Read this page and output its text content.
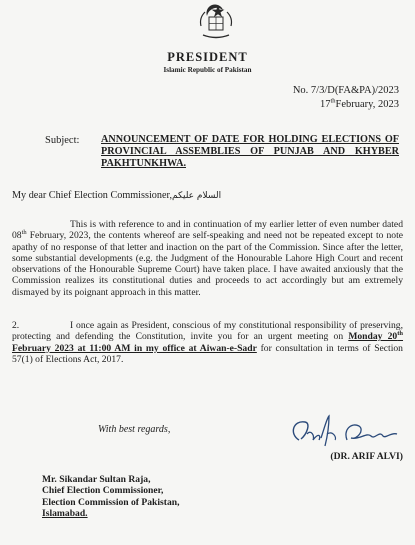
PRESIDENT
Islamic Republic of Pakistan
No. 7/3/D(FA&PA)/2023
17thFebruary, 2023
Subject: ANNOUNCEMENT OF DATE FOR HOLDING ELECTIONS OF PROVINCIAL ASSEMBLIES OF PUNJAB AND KHYBER PAKHTUNKHWA.
My dear Chief Election Commissioner,السلام علیکم
This is with reference to and in continuation of my earlier letter of even number dated 08th February, 2023, the contents whereof are self-speaking and need not be repeated except to note apathy of no response of that letter and inaction on the part of the Commission. Since after the letter, some substantial developments (e.g. the Judgment of the Honourable Lahore High Court and recent observations of the Honourable Supreme Court) have taken place. I have awaited anxiously that the Commission realizes its constitutional duties and proceeds to act accordingly but am extremely dismayed by its poignant approach in this matter.
2.	I once again as President, conscious of my constitutional responsibility of preserving, protecting and defending the Constitution, invite you for an urgent meeting on Monday 20th February 2023 at 11:00 AM in my office at Aiwan-e-Sadr for consultation in terms of Section 57(1) of Elections Act, 2017.
With best regards,
(DR. ARIF ALVI)
Mr. Sikandar Sultan Raja,
Chief Election Commissioner,
Election Commission of Pakistan,
Islamabad.
